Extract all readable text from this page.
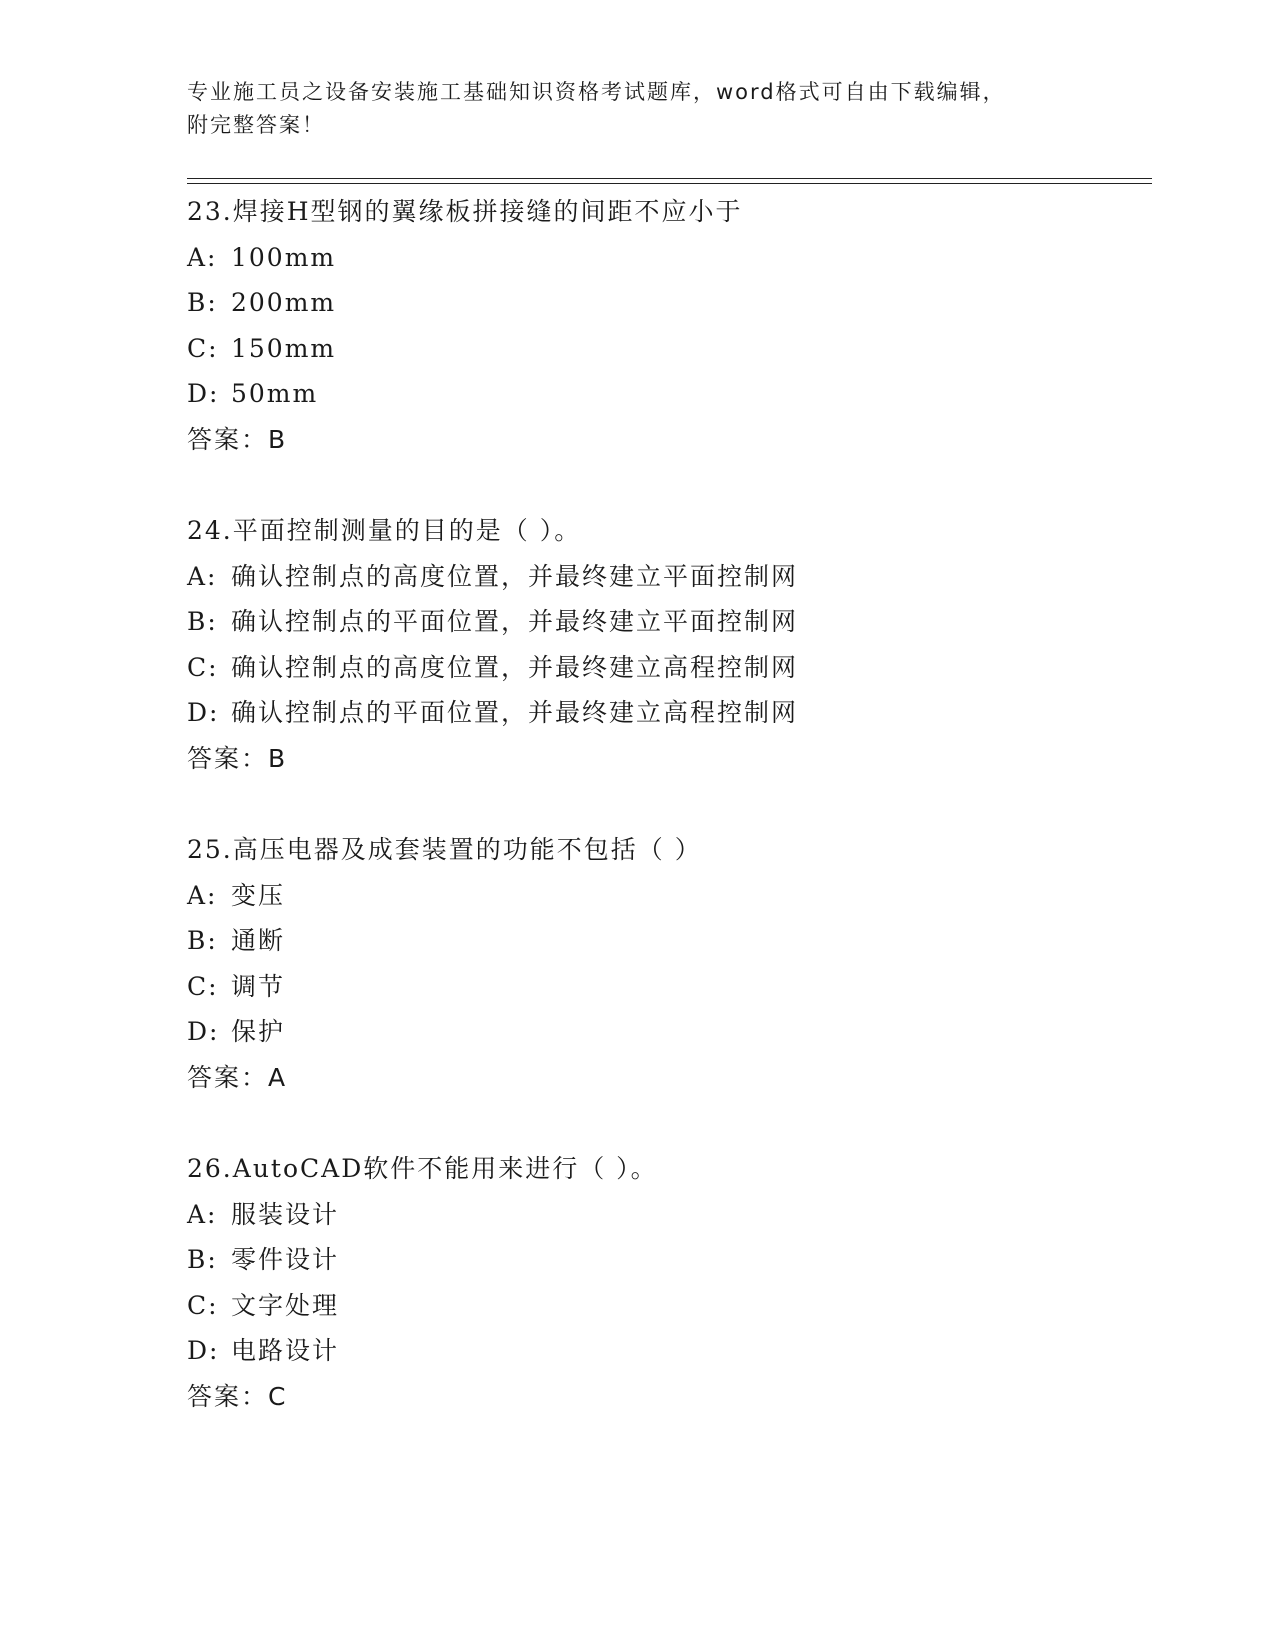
专业施工员之设备安装施工基础知识资格考试题库，word格式可自由下载编辑，
附完整答案！
23.焊接H型钢的翼缘板拼接缝的间距不应小于
A: 100mm
B: 200mm
C: 150mm
D: 50mm
答案：B
24.平面控制测量的目的是（ ）。
A: 确认控制点的高度位置，并最终建立平面控制网
B: 确认控制点的平面位置，并最终建立平面控制网
C: 确认控制点的高度位置，并最终建立高程控制网
D: 确认控制点的平面位置，并最终建立高程控制网
答案：B
25.高压电器及成套装置的功能不包括（ ）
A: 变压
B: 通断
C: 调节
D: 保护
答案：A
26.AutoCAD软件不能用来进行（ ）。
A: 服装设计
B: 零件设计
C: 文字处理
D: 电路设计
答案：C
